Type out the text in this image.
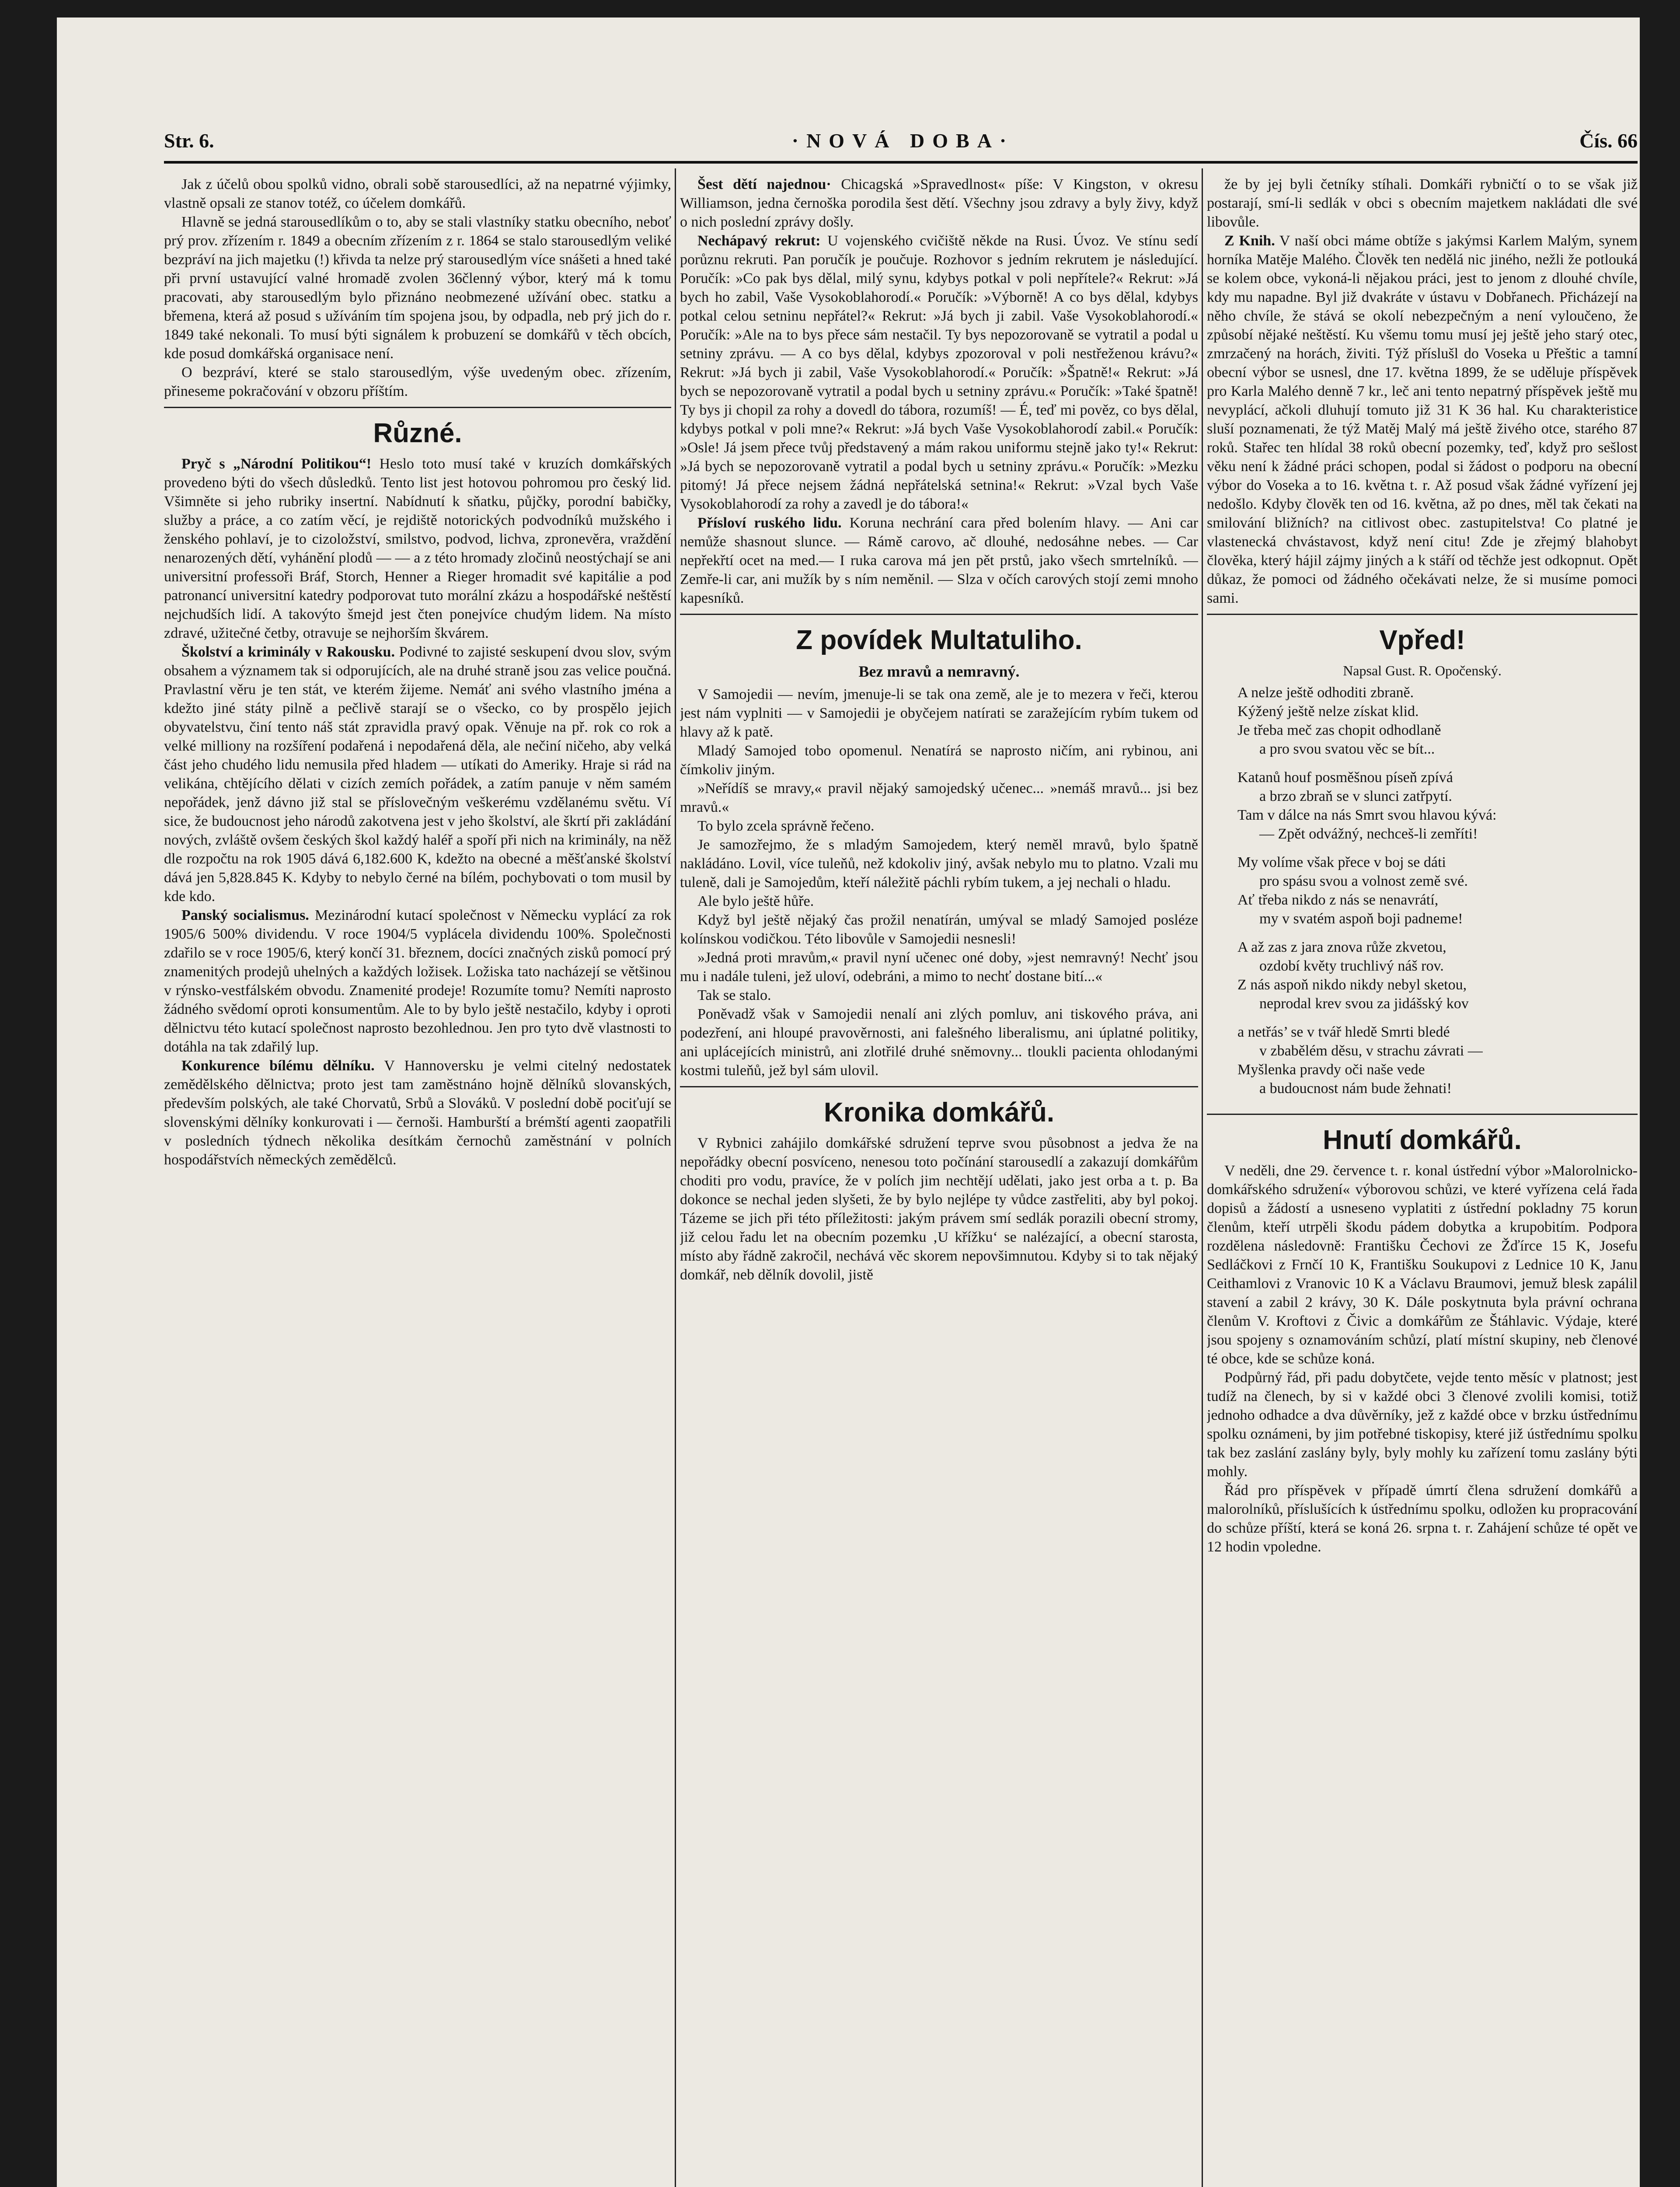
Str. 6.	·NOVÁ DOBA·	Čís. 66

Jak z účelů obou spolků vidno, obrali sobě starousedlíci, až na nepatrné výjimky, vlastně opsali ze stanov totéž, co účelem domkářů.

Hlavně se jedná starousedlíkům o to, aby se stali vlastníky statku obecního, neboť prý prov. zřízením r. 1849 a obecním zřízením z r. 1864 se stalo starousedlým veliké bezpráví na jich majetku (!) křivda ta nelze prý starousedlým více snášeti a hned také při první ustavující valné hromadě zvolen 36členný výbor, který má k tomu pracovati, aby starousedlým bylo přiznáno neobmezené užívání obec. statku a břemena, která až posud s užíváním tím spojena jsou, by odpadla, neb prý jich do r. 1849 také nekonali. To musí býti signálem k probuzení se domkářů v těch obcích, kde posud domkářská organisace není.

O bezpráví, které se stalo starousedlým, výše uvedeným obec. zřízením, přineseme pokračování v obzoru příštím.

Různé.

Pryč s „Národní Politikou“! Heslo toto musí také v kruzích domkářských provedeno býti do všech důsledků. Tento list jest hotovou pohromou pro český lid. Všimněte si jeho rubriky insertní. Nabídnutí k sňatku, půjčky, porodní babičky, služby a práce, a co zatím věcí, je rejdiště notorických podvodníků mužského i ženského pohlaví, je to cizoložství, smilstvo, podvod, lichva, zpronevěra, vraždění nenarozených dětí, vyhánění plodů — — a z této hromady zločinů neostýchají se ani universitní professoři Bráf, Storch, Henner a Rieger hromadit své kapitálie a pod patronancí universitní katedry podporovat tuto morální zkázu a hospodářské neštěstí nejchudších lidí. A takovýto šmejd jest čten ponejvíce chudým lidem. Na místo zdravé, užitečné četby, otravuje se nejhorším škvárem.

Školství a kriminály v Rakousku. Podivné to zajisté seskupení dvou slov, svým obsahem a významem tak si odporujících, ale na druhé straně jsou zas velice poučná. Pravlastní věru je ten stát, ve kterém žijeme. Nemáť ani svého vlastního jména a kdežto jiné státy pilně a pečlivě starají se o všecko, co by prospělo jejich obyvatelstvu, činí tento náš stát zpravidla pravý opak. Věnuje na př. rok co rok a velké milliony na rozšíření podařená i nepodařená děla, ale nečiní ničeho, aby velká část jeho chudého lidu nemusila před hladem — utíkati do Ameriky. Hraje si rád na velikána, chtějícího dělati v cizích zemích pořádek, a zatím panuje v něm samém nepořádek, jenž dávno již stal se příslovečným veškerému vzdělanému světu. Ví sice, že budoucnost jeho národů zakotvena jest v jeho školství, ale škrtí při zakládání nových, zvláště ovšem českých škol každý haléř a spoří při nich na kriminály, na něž dle rozpočtu na rok 1905 dává 6,182.600 K, kdežto na obecné a měšťanské školství dává jen 5,828.845 K. Kdyby to nebylo černé na bílém, pochybovati o tom musil by kde kdo.

Panský socialismus. Mezinárodní kutací společnost v Německu vyplácí za rok 1905/6 500% dividendu. V roce 1904/5 vyplácela dividendu 100%. Společnosti zdařilo se v roce 1905/6, který končí 31. březnem, docíci značných zisků pomocí prý znamenitých prodejů uhelných a každých ložisek. Ložiska tato nacházejí se většinou v rýnsko-vestfálském obvodu. Znamenité prodeje! Rozumíte tomu? Nemíti naprosto žádného svědomí oproti konsumentům. Ale to by bylo ještě nestačilo, kdyby i oproti dělnictvu této kutací společnost naprosto bezohlednou. Jen pro tyto dvě vlastnosti to dotáhla na tak zdařilý lup.

Konkurence bílému dělníku. V Hannoversku je velmi citelný nedostatek zemědělského dělnictva; proto jest tam zaměstnáno hojně dělníků slovanských, především polských, ale také Chorvatů, Srbů a Slováků. V poslední době pociťují se slovenskými dělníky konkurovati i — černoši. Hamburští a brémští agenti zaopatřili v posledních týdnech několika desítkám černochů zaměstnání v polních hospodářstvích německých zemědělců.

Šest dětí najednou· Chicagská »Spravedlnost« píše: V Kingston, v okresu Williamson, jedna černoška porodila šest dětí. Všechny jsou zdravy a byly živy, když o nich poslední zprávy došly.

Nechápavý rekrut: U vojenského cvičiště někde na Rusi. Úvoz. Ve stínu sedí porůznu rekruti. Pan poručík je poučuje. Rozhovor s jedním rekrutem je následující. Poručík: »Co pak bys dělal, milý synu, kdybys potkal v poli nepřítele?« Rekrut: »Já bych ho zabil, Vaše Vysokoblahorodí.« Poručík: »Výborně! A co bys dělal, kdybys potkal celou setninu nepřátel?« Rekrut: »Já bych ji zabil. Vaše Vysokoblahorodí.« Poručík: »Ale na to bys přece sám nestačil. Ty bys nepozorovaně se vytratil a podal u setniny zprávu. — A co bys dělal, kdybys zpozoroval v poli nestřeženou krávu?« Rekrut: »Já bych ji zabil, Vaše Vysokoblahorodí.« Poručík: »Špatně!« Rekrut: »Já bych se nepozorovaně vytratil a podal bych u setniny zprávu.« Poručík: »Také špatně! Ty bys ji chopil za rohy a dovedl do tábora, rozumíš! — É, teď mi pověz, co bys dělal, kdybys potkal v poli mne?« Rekrut: »Já bych Vaše Vysokoblahorodí zabil.« Poručík: »Osle! Já jsem přece tvůj představený a mám rakou uniformu stejně jako ty!« Rekrut: »Já bych se nepozorovaně vytratil a podal bych u setniny zprávu.« Poručík: »Mezku pitomý! Já přece nejsem žádná nepřátelská setnina!« Rekrut: »Vzal bych Vaše Vysokoblahorodí za rohy a zavedl je do tábora!«

Přísloví ruského lidu. Koruna nechrání cara před bolením hlavy. — Ani car nemůže shasnout slunce. — Rámě carovo, ač dlouhé, nedosáhne nebes. — Car nepřekřtí ocet na med.— I ruka carova má jen pět prstů, jako všech smrtelníků. — Zemře-li car, ani mužík by s ním neměnil. — Slza v očích carových stojí zemi mnoho kapesníků.

Z povídek Multatuliho.
Bez mravů a nemravný.

V Samojedii — nevím, jmenuje-li se tak ona země, ale je to mezera v řeči, kterou jest nám vyplniti — v Samojedii je obyčejem natírati se zaražejícím rybím tukem od hlavy až k patě.

Mladý Samojed tobo opomenul. Nenatírá se naprosto ničím, ani rybinou, ani čímkoliv jiným.

»Neřídíš se mravy,« pravil nějaký samojedský učenec... »nemáš mravů... jsi bez mravů.«

To bylo zcela správně řečeno.

Je samozřejmo, že s mladým Samojedem, který neměl mravů, bylo špatně nakládáno. Lovil, více tuleňů, než kdokoliv jiný, avšak nebylo mu to platno. Vzali mu tuleně, dali je Samojedům, kteří náležitě páchli rybím tukem, a jej nechali o hladu.

Ale bylo ještě hůře.

Když byl ještě nějaký čas prožil nenatírán, umýval se mladý Samojed posléze kolínskou vodičkou. Této libovůle v Samojedii nesnesli!

»Jedná proti mravům,« pravil nyní učenec oné doby, »jest nemravný! Nechť jsou mu i nadále tuleni, jež uloví, odebráni, a mimo to nechť dostane bití...«

Tak se stalo.

Poněvadž však v Samojedii nenalí ani zlých pomluv, ani tiskového práva, ani podezření, ani hloupé pravověrnosti, ani falešného liberalismu, ani úplatné politiky, ani uplácejících ministrů, ani zlotřilé druhé sněmovny... tloukli pacienta ohlodanými kostmi tuleňů, jež byl sám ulovil.

Kronika domkářů.

V Rybnici zahájilo domkářské sdružení teprve svou působnost a jedva že na nepořádky obecní posvíceno, nenesou toto počínání starousedlí a zakazují domkářům choditi pro vodu, pravíce, že v polích jim nechtějí udělati, jako jest orba a t. p. Ba dokonce se nechal jeden slyšeti, že by bylo nejlépe ty vůdce zastřeliti, aby byl pokoj. Tázeme se jich při této příležitosti: jakým právem smí sedlák porazili obecní stromy, již celou řadu let na obecním pozemku ‚U křížku‘ se nalézající, a obecní starosta, místo aby řádně zakročil, nechává věc skorem nepovšimnutou. Kdyby si to tak nějaký domkář, neb dělník dovolil, jistě

že by jej byli četníky stíhali. Domkáři rybničtí o to se však již postarají, smí-li sedlák v obci s obecním majetkem nakládati dle své libovůle.

Z Knih. V naší obci máme obtíže s jakýmsi Karlem Malým, synem horníka Matěje Malého. Člověk ten nedělá nic jiného, nežli že potlouká se kolem obce, vykoná-li nějakou práci, jest to jenom z dlouhé chvíle, kdy mu napadne. Byl již dvakráte v ústavu v Dobřanech. Přicházejí na něho chvíle, že stává se okolí nebezpečným a není vyloučeno, že způsobí nějaké neštěstí. Ku všemu tomu musí jej ještě jeho starý otec, zmrzačený na horách, živiti. Týž příslušl do Voseka u Přeštic a tamní obecní výbor se usnesl, dne 17. května 1899, že se uděluje příspěvek pro Karla Malého denně 7 kr., leč ani tento nepatrný příspěvek ještě mu nevyplácí, ačkoli dluhují tomuto již 31 K 36 hal. Ku charakteristice sluší poznamenati, že týž Matěj Malý má ještě živého otce, starého 87 roků. Stařec ten hlídal 38 roků obecní pozemky, teď, když pro sešlost věku není k žádné práci schopen, podal si žádost o podporu na obecní výbor do Voseka a to 16. května t. r. Až posud však žádné vyřízení jej nedošlo. Kdyby člověk ten od 16. května, až po dnes, měl tak čekati na smilování bližních? na citlivost obec. zastupitelstva! Co platné je vlastenecká chvástavost, když není citu! Zde je zřejmý blahobyt člověka, který hájil zájmy jiných a k stáří od těchže jest odkopnut. Opět důkaz, že pomoci od žádného očekávati nelze, že si musíme pomoci sami.

Vpřed!
Napsal Gust. R. Opočenský.

A nelze ještě odhoditi zbraně.

Kýžený ještě nelze získat klid.

Je třeba meč zas chopit odhodlaně

a pro svou svatou věc se bít...

Katanů houf posměšnou píseň zpívá

a brzo zbraň se v slunci zatřpytí.

Tam v dálce na nás Smrt svou hlavou kývá:

— Zpět odvážný, nechceš-li zemříti!

My volíme však přece v boj se dáti

pro spásu svou a volnost země své.

Ať třeba nikdo z nás se nenavrátí,

my v svatém aspoň boji padneme!

A až zas z jara znova růže zkvetou,

ozdobí květy truchlivý náš rov.

Z nás aspoň nikdo nikdy nebyl sketou,

neprodal krev svou za jidášský kov

a netřás’ se v tvář hledě Smrti bledé

v zbabělém děsu, v strachu závrati —

Myšlenka pravdy oči naše vede

a budoucnost nám bude žehnati!

Hnutí domkářů.

V neděli, dne 29. července t. r. konal ústřední výbor »Malorolnicko-domkářského sdružení« výborovou schůzi, ve které vyřízena celá řada dopisů a žádostí a usneseno vyplatiti z ústřední pokladny 75 korun členům, kteří utrpěli škodu pádem dobytka a krupobitím. Podpora rozdělena následovně: Františku Čechovi ze Žďírce 15 K, Josefu Sedláčkovi z Frnčí 10 K, Františku Soukupovi z Lednice 10 K, Janu Ceithamlovi z Vranovic 10 K a Václavu Braumovi, jemuž blesk zapálil stavení a zabil 2 krávy, 30 K. Dále poskytnuta byla právní ochrana členům V. Kroftovi z Čivic a domkářům ze Štáhlavic. Výdaje, které jsou spojeny s oznamováním schůzí, platí místní skupiny, neb členové té obce, kde se schůze koná.

Podpůrný řád, při padu dobytčete, vejde tento měsíc v platnost; jest tudíž na členech, by si v každé obci 3 členové zvolili komisi, totiž jednoho odhadce a dva důvěrníky, jež z každé obce v brzku ústřednímu spolku oznámeni, by jim potřebné tiskopisy, které již ústřednímu spolku tak bez zaslání zaslány byly, byly mohly ku zařízení tomu zaslány býti mohly.

Řád pro příspěvek v případě úmrtí člena sdružení domkářů a malorolníků, příslušících k ústřednímu spolku, odložen ku propracování do schůze příští, která se koná 26. srpna t. r. Zahájení schůze té opět ve 12 hodin vpoledne.
